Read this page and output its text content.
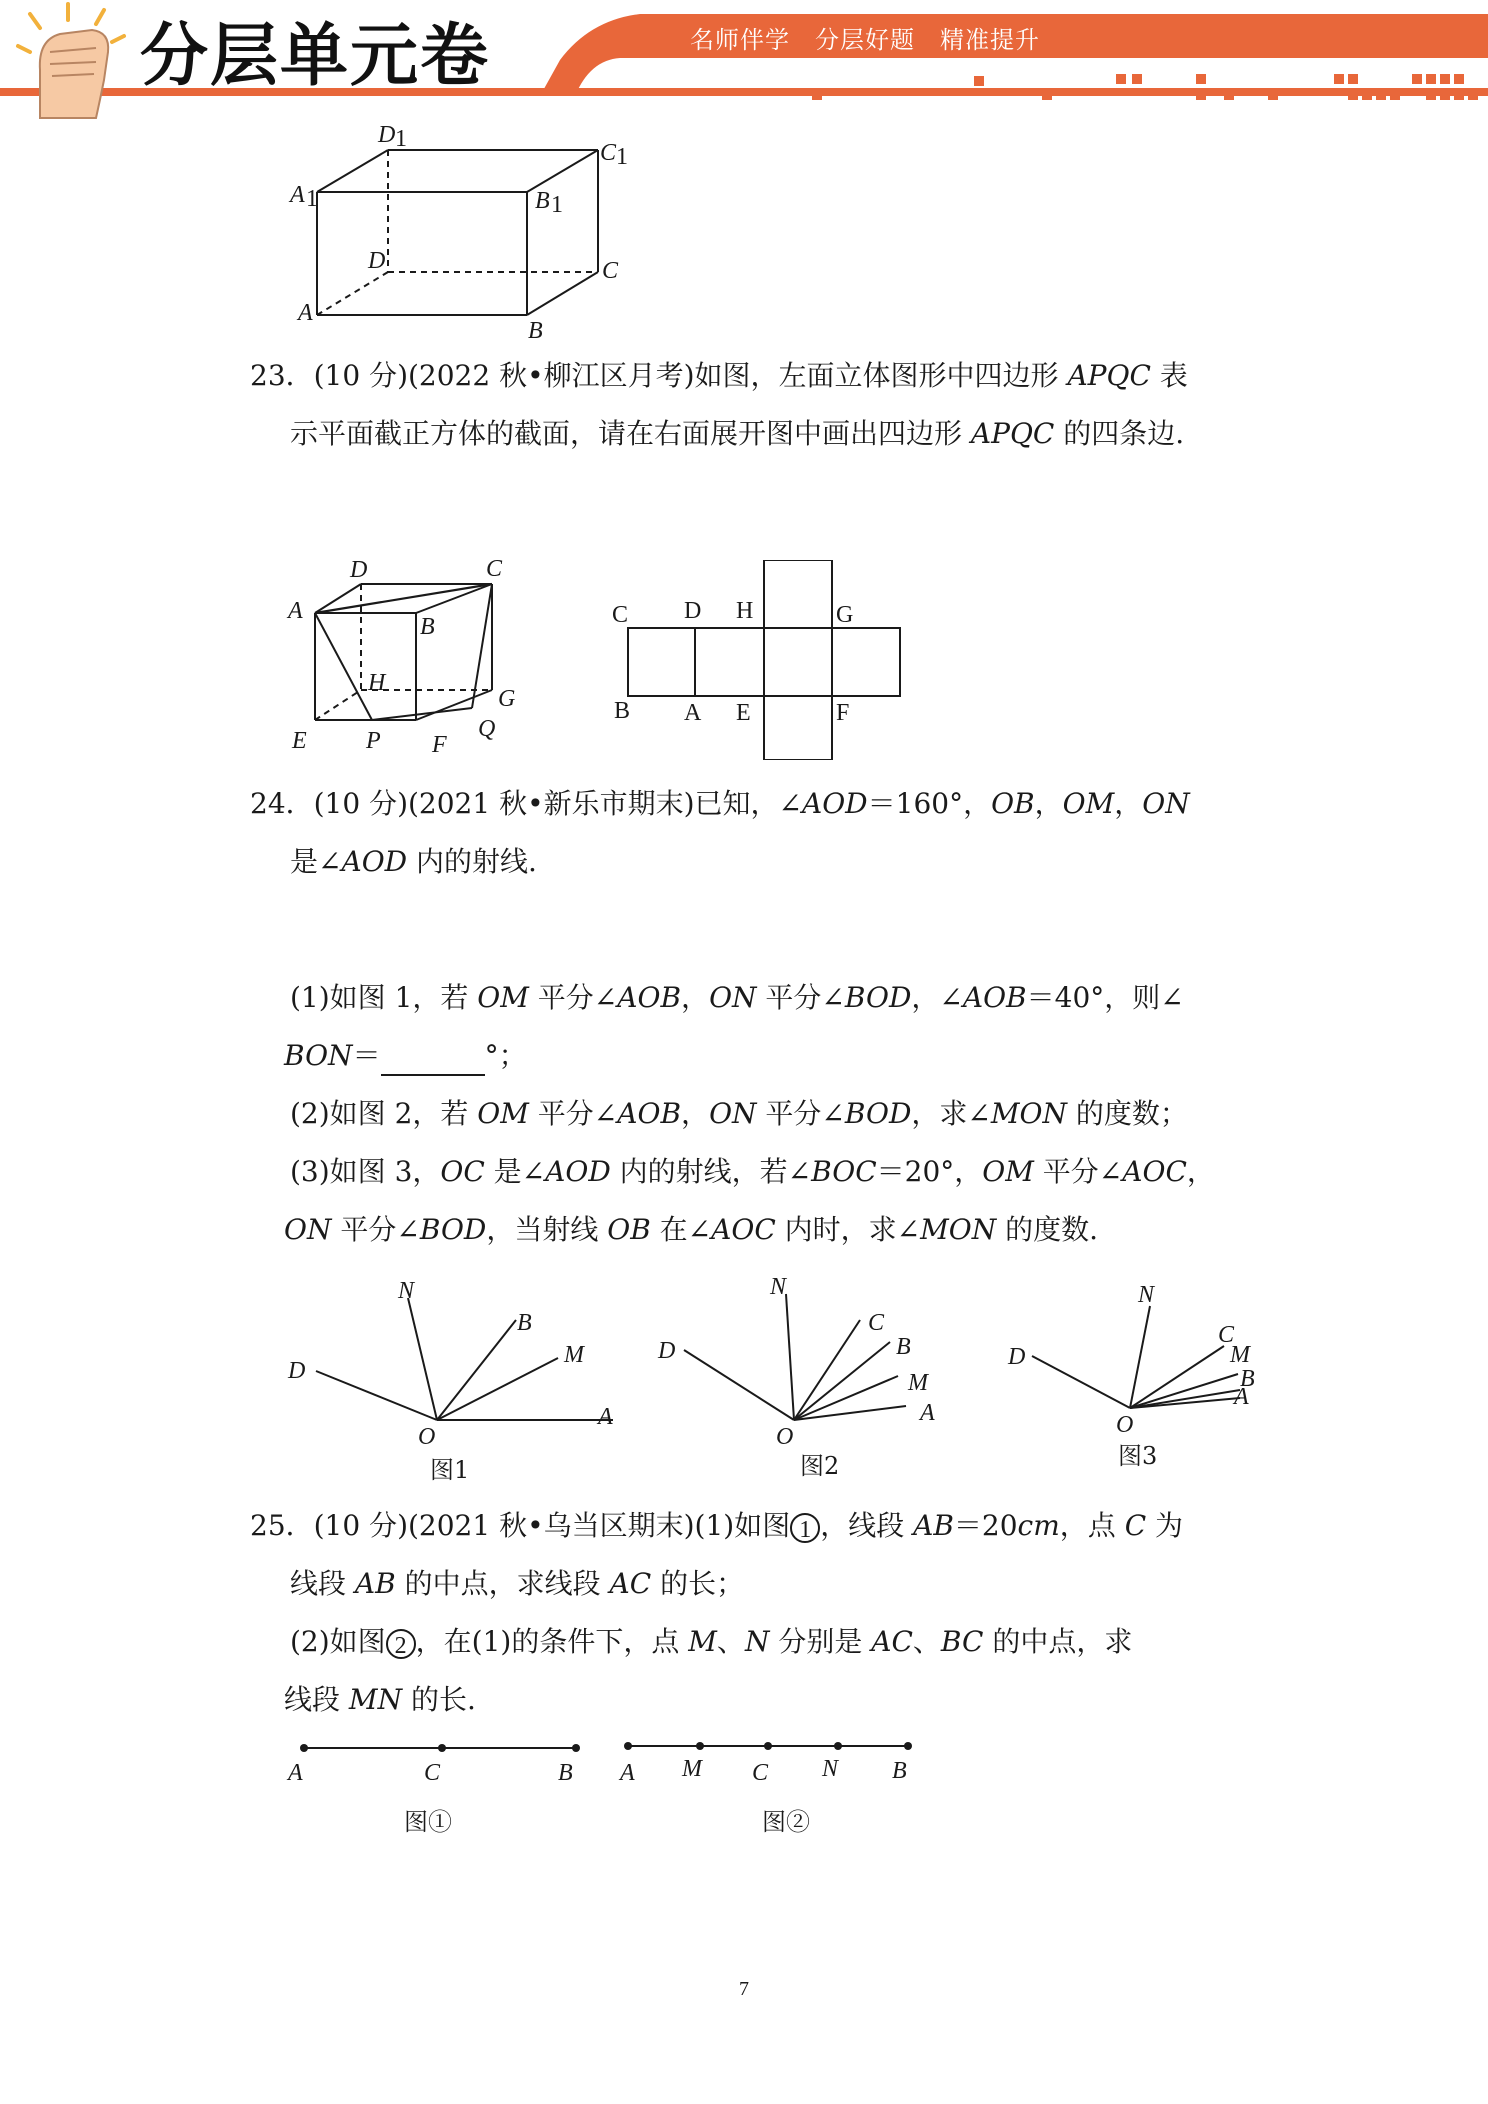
分层单元卷	名师伴学　分层好题　精准提升
D 1
C 1
A 1	B 1
D	C
A
B
23．(10 分)(2022 秋•柳江区月考)如图，左面立体图形中四边形 APQC 表
示平面截正方体的截面，请在右面展开图中画出四边形 APQC 的四条边.
D	C
A
B
H
G
E P F
Q
C D H	G
B A E	F
24．(10 分)(2021 秋•新乐市期末)已知，∠AOD＝160°，OB，OM，ON
是∠AOD 内的射线.
(1)如图 1，若 OM 平分∠AOB，ON 平分∠BOD，∠AOB＝40°，则∠
BON＝	°；
(2)如图 2，若 OM 平分∠AOB，ON 平分∠BOD，求∠MON 的度数；
(3)如图 3，OC 是∠AOD 内的射线，若∠BOC＝20°，OM 平分∠AOC，
ON 平分∠BOD，当射线 OB 在∠AOC 内时，求∠MON 的度数.
N
B
M
D
O
A
图1
N
C
B
M
D
O
A
图2
N
C
M
B
A
D
O
图3
25．(10 分)(2021 秋•乌当区期末)(1)如图 1 ，线段 AB＝20cm，点 C 为
线段 AB 的中点，求线段 AC 的长；
(2)如图 2 ，在(1)的条件下，点 M、N 分别是 AC、BC 的中点，求
线段 MN 的长.
A	C	B
图①
A M C N B
图②
7
